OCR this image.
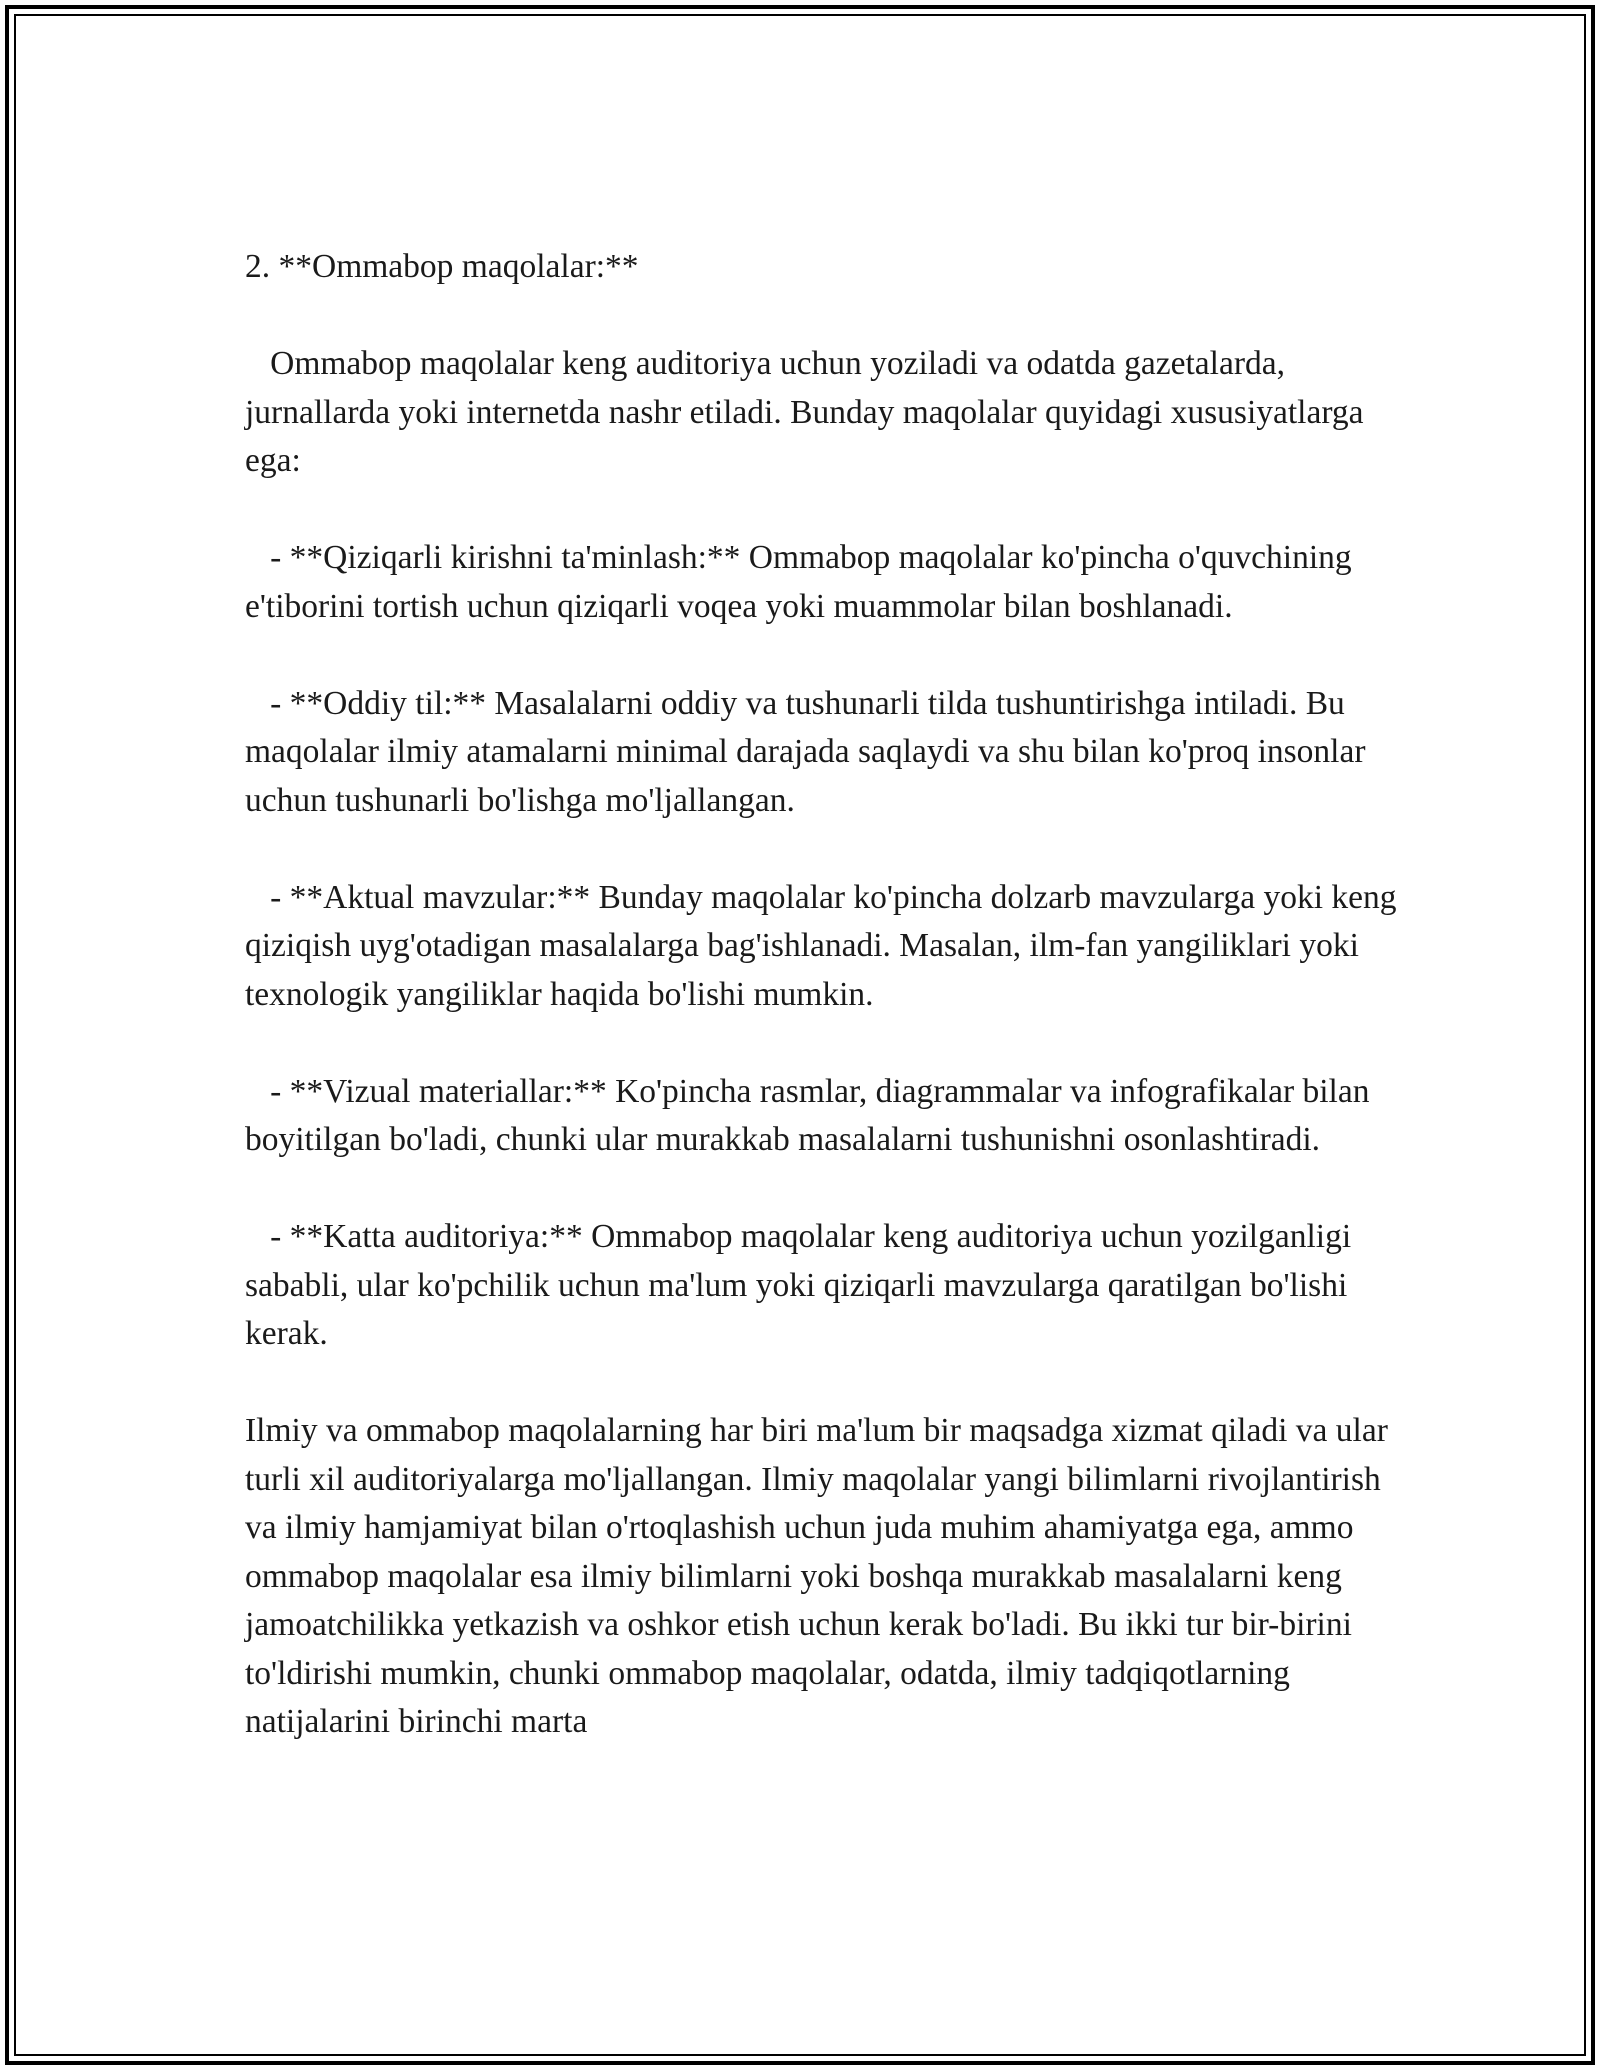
2. **Ommabop maqolalar:**

Ommabop maqolalar keng auditoriya uchun yoziladi va odatda gazetalarda, jurnallarda yoki internetda nashr etiladi. Bunday maqolalar quyidagi xususiyatlarga ega:

- **Qiziqarli kirishni ta'minlash:** Ommabop maqolalar ko'pincha o'quvchining e'tiborini tortish uchun qiziqarli voqea yoki muammolar bilan boshlanadi.

- **Oddiy til:** Masalalarni oddiy va tushunarli tilda tushuntirishga intiladi. Bu maqolalar ilmiy atamalarni minimal darajada saqlaydi va shu bilan ko'proq insonlar uchun tushunarli bo'lishga mo'ljallangan.

- **Aktual mavzular:** Bunday maqolalar ko'pincha dolzarb mavzularga yoki keng qiziqish uyg'otadigan masalalarga bag'ishlanadi. Masalan, ilm-fan yangiliklari yoki texnologik yangiliklar haqida bo'lishi mumkin.

- **Vizual materiallar:** Ko'pincha rasmlar, diagrammalar va infografikalar bilan boyitilgan bo'ladi, chunki ular murakkab masalalarni tushunishni osonlashtiradi.

- **Katta auditoriya:** Ommabop maqolalar keng auditoriya uchun yozilganligi sababli, ular ko'pchilik uchun ma'lum yoki qiziqarli mavzularga qaratilgan bo'lishi kerak.

Ilmiy va ommabop maqolalarning har biri ma'lum bir maqsadga xizmat qiladi va ular turli xil auditoriyalarga mo'ljallangan. Ilmiy maqolalar yangi bilimlarni rivojlantirish va ilmiy hamjamiyat bilan o'rtoqlashish uchun juda muhim ahamiyatga ega, ammo ommabop maqolalar esa ilmiy bilimlarni yoki boshqa murakkab masalalarni keng jamoatchilikka yetkazish va oshkor etish uchun kerak bo'ladi. Bu ikki tur bir-birini to'ldirishi mumkin, chunki ommabop maqolalar, odatda, ilmiy tadqiqotlarning natijalarini birinchi marta
